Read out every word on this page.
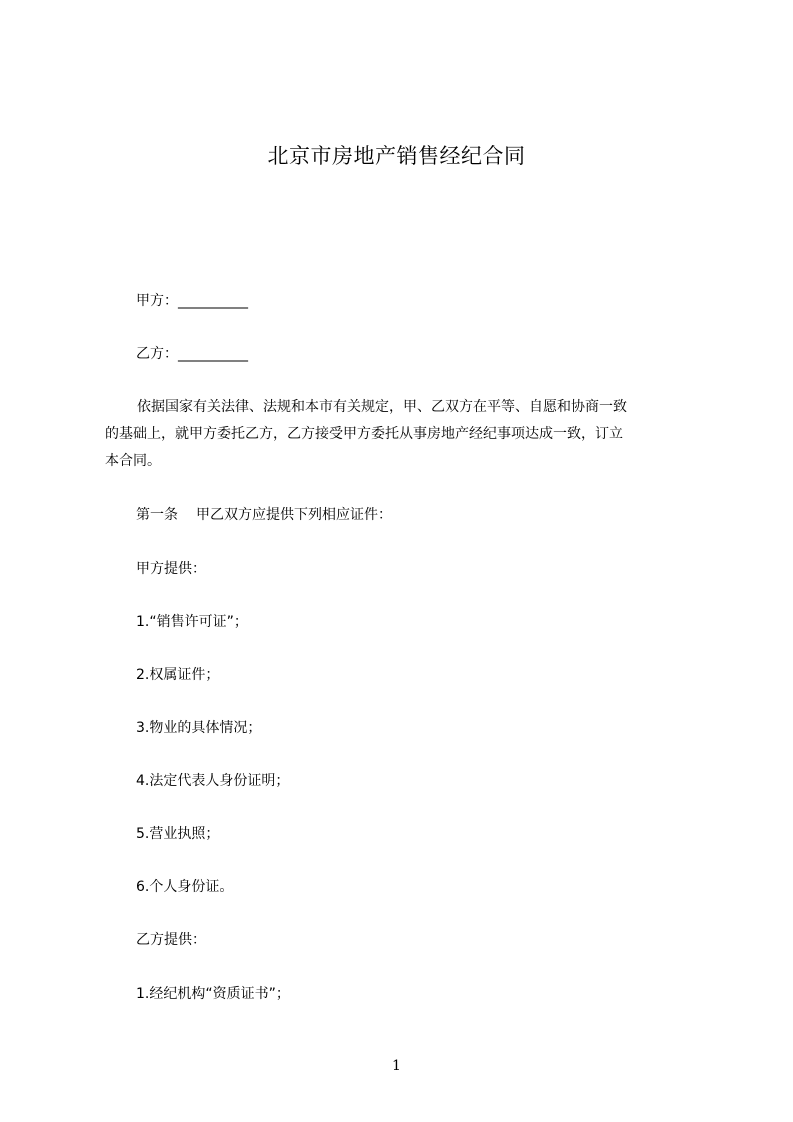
北京市房地产销售经纪合同
甲方：__________
乙方：__________
依据国家有关法律、法规和本市有关规定，甲、乙双方在平等、自愿和协商一致
的基础上，就甲方委托乙方，乙方接受甲方委托从事房地产经纪事项达成一致，订立
本合同。
第一条 甲乙双方应提供下列相应证件：
甲方提供：
1.“销售许可证”；
2.权属证件；
3.物业的具体情况；
4.法定代表人身份证明；
5.营业执照；
6.个人身份证。
乙方提供：
1.经纪机构“资质证书”；
1
